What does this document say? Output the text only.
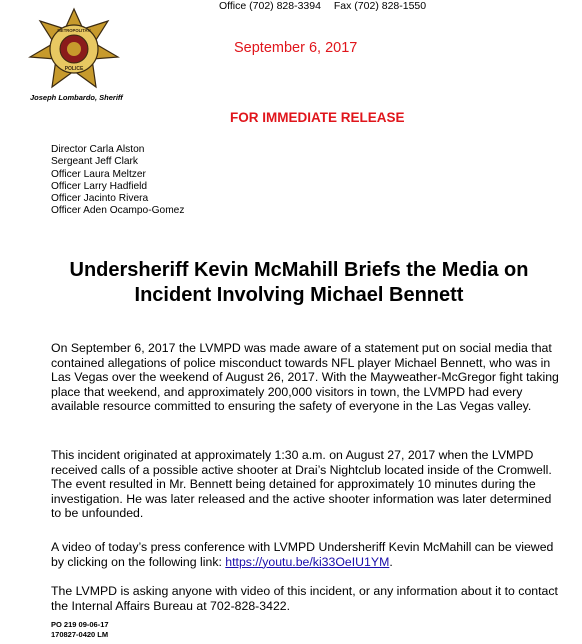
Office (702) 828-3394 Fax (702) 828-1550
METROPOLITAN
POLICE
Joseph Lombardo, Sheriff
September 6, 2017
FOR IMMEDIATE RELEASE
Director Carla Alston
Sergeant Jeff Clark
Officer Laura Meltzer
Officer Larry Hadfield
Officer Jacinto Rivera
Officer Aden Ocampo-Gomez
Undersheriff Kevin McMahill Briefs the Media on
Incident Involving Michael Bennett

On September 6, 2017 the LVMPD was made aware of a statement put on social media that contained allegations of police misconduct towards NFL player Michael Bennett, who was in Las Vegas over the weekend of August 26, 2017. With the Mayweather-McGregor fight taking place that weekend, and approximately 200,000 visitors in town, the LVMPD had every available resource committed to ensuring the safety of everyone in the Las Vegas valley.

This incident originated at approximately 1:30 a.m. on August 27, 2017 when the LVMPD received calls of a possible active shooter at Drai’s Nightclub located inside of the Cromwell. The event resulted in Mr. Bennett being detained for approximately 10 minutes during the investigation. He was later released and the active shooter information was later determined to be unfounded.

A video of today’s press conference with LVMPD Undersheriff Kevin McMahill can be viewed by clicking on the following link: https://youtu.be/ki33OeIU1YM.

The LVMPD is asking anyone with video of this incident, or any information about it to contact the Internal Affairs Bureau at 702-828-3422.

PO 219 09-06-17
170827-0420 LM
